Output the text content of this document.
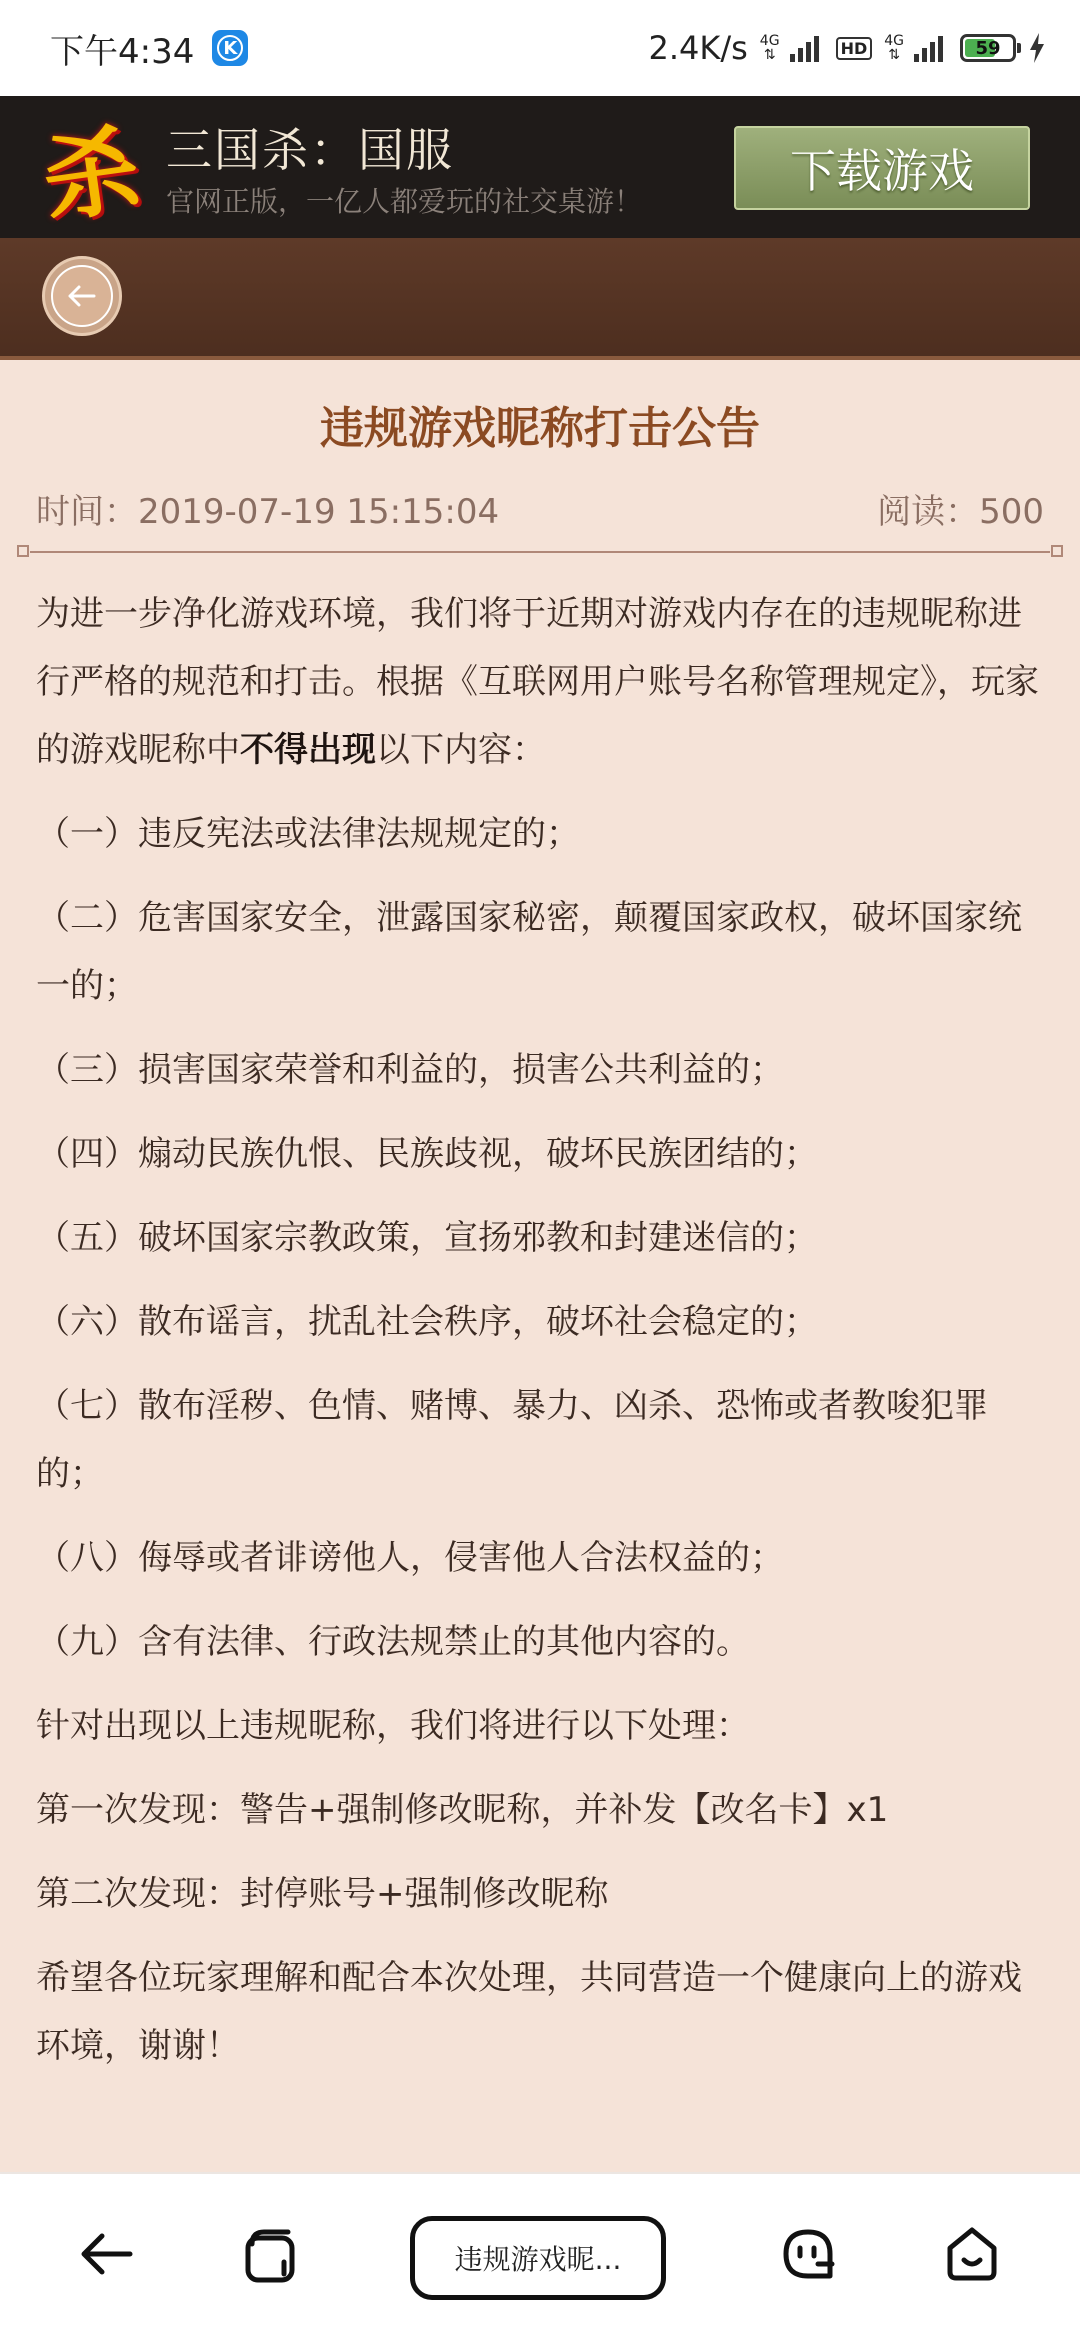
下午4:34	K	2.4K/s 4G
⇅	HD	4G
⇅	59
杀 三国杀：国服
官网正版，一亿人都爱玩的社交桌游！
下载游戏
违规游戏昵称打击公告
时间：2019-07-19 15:15:04	阅读：500

为进一步净化游戏环境，我们将于近期对游戏内存在的违规昵称进行严格的规范和打击。根据《互联网用户账号名称管理规定》，玩家的游戏昵称中不得出现以下内容：

（一）违反宪法或法律法规规定的；

（二）危害国家安全，泄露国家秘密，颠覆国家政权，破坏国家统一的；

（三）损害国家荣誉和利益的，损害公共利益的；

（四）煽动民族仇恨、民族歧视，破坏民族团结的；

（五）破坏国家宗教政策，宣扬邪教和封建迷信的；

（六）散布谣言，扰乱社会秩序，破坏社会稳定的；

（七）散布淫秽、色情、赌博、暴力、凶杀、恐怖或者教唆犯罪的；

（八）侮辱或者诽谤他人，侵害他人合法权益的；

（九）含有法律、行政法规禁止的其他内容的。

针对出现以上违规昵称，我们将进行以下处理：

第一次发现：警告+强制修改昵称，并补发【改名卡】x1

第二次发现：封停账号+强制修改昵称

希望各位玩家理解和配合本次处理，共同营造一个健康向上的游戏环境，谢谢！

违规游戏昵...
